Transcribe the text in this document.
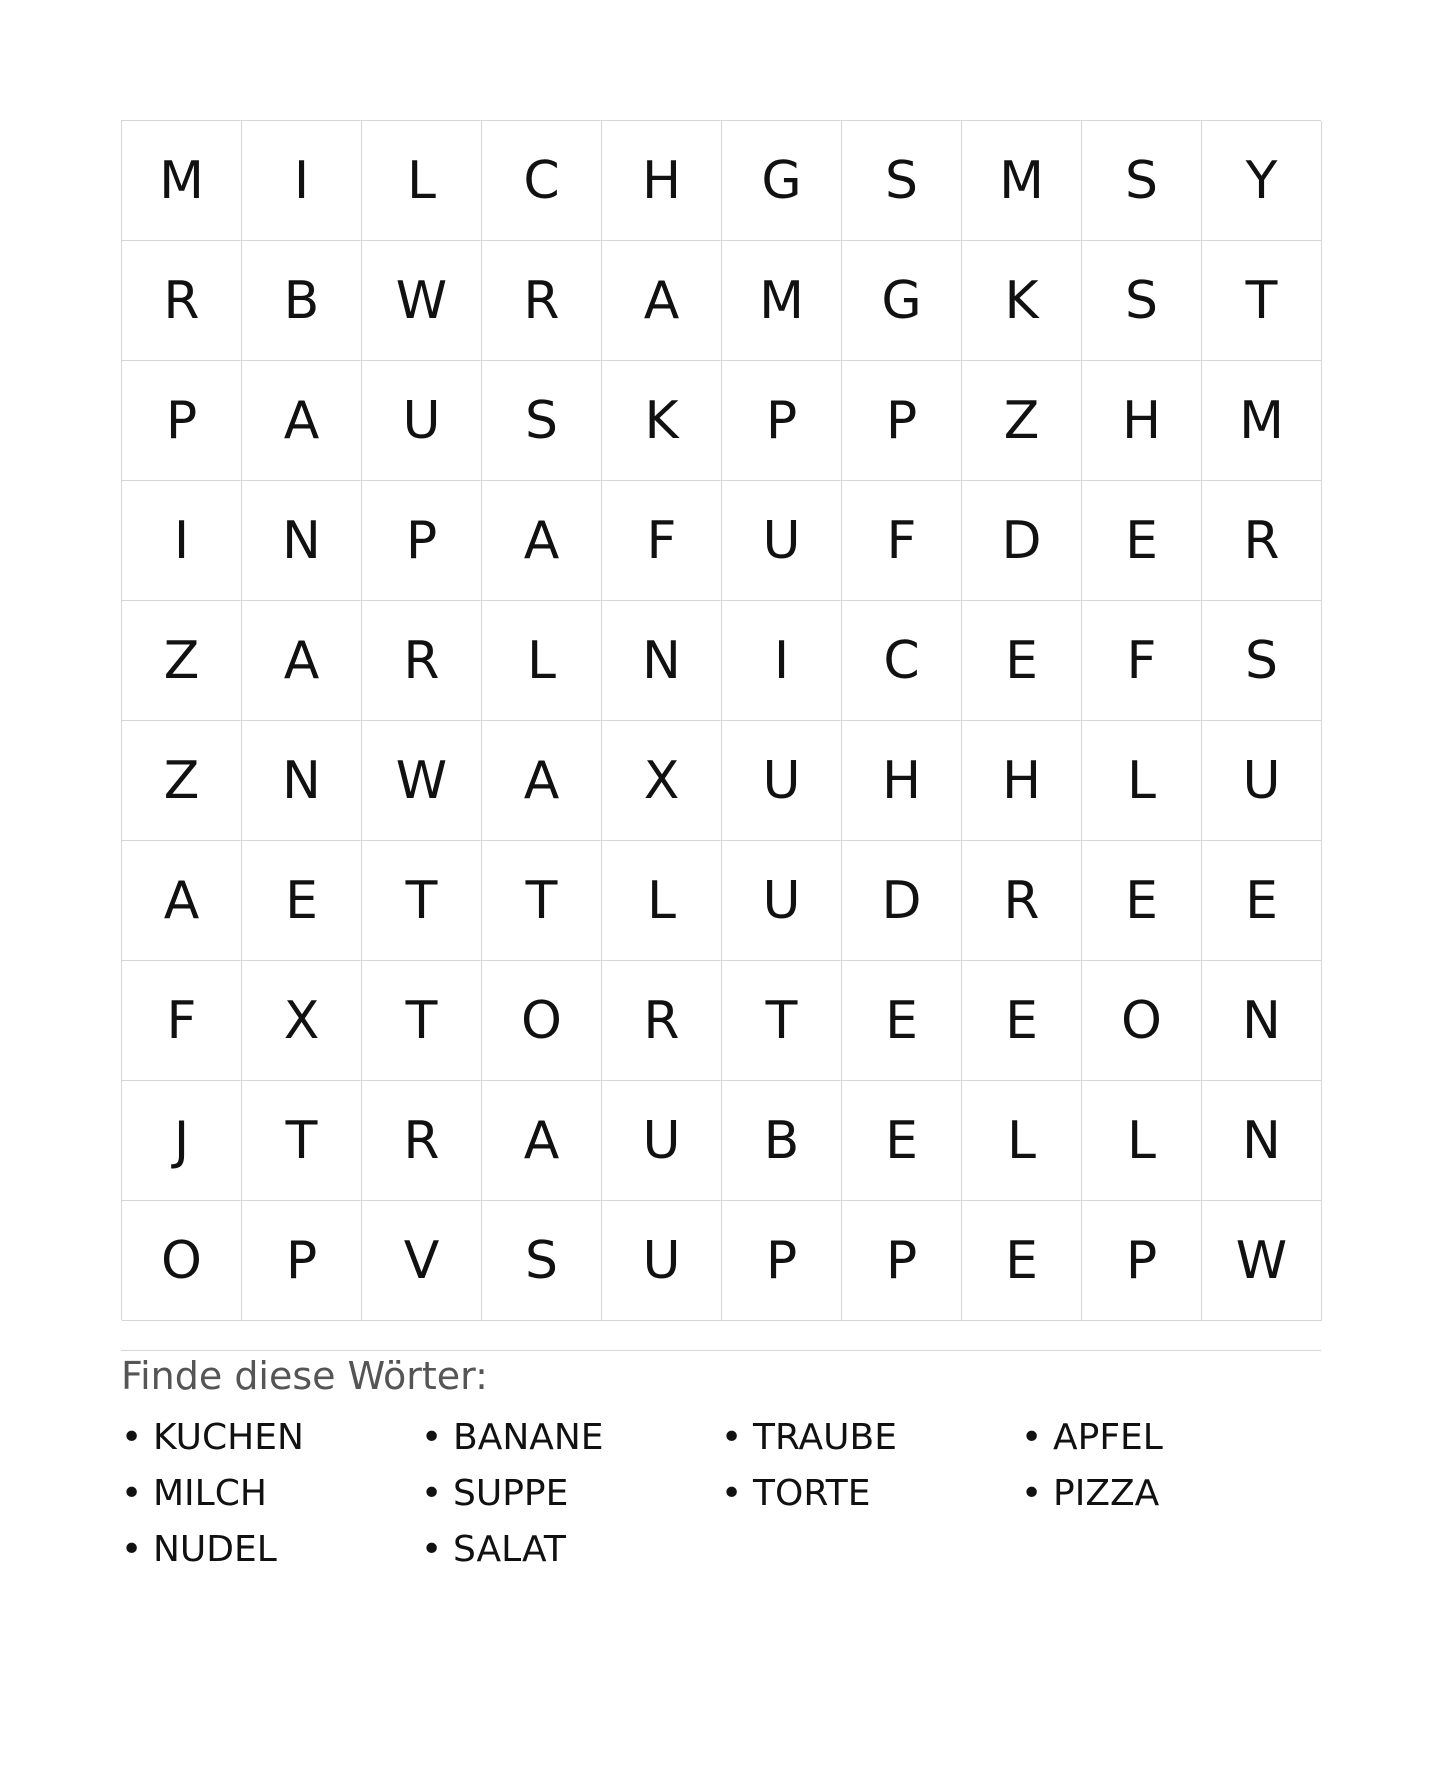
M	I	L	C	H	G	S	M	S	Y
R	B	W	R	A	M	G	K	S	T
P	A	U	S	K	P	P	Z	H	M
I	N	P	A	F	U	F	D	E	R
Z	A	R	L	N	I	C	E	F	S
Z	N	W	A	X	U	H	H	L	U
A	E	T	T	L	U	D	R	E	E
F	X	T	O	R	T	E	E	O	N
J	T	R	A	U	B	E	L	L	N
O	P	V	S	U	P	P	E	P	W
Finde diese Wörter:
• KUCHEN	• BANANE	• TRAUBE	• APFEL
• MILCH	• SUPPE	• TORTE	• PIZZA
• NUDEL	• SALAT
